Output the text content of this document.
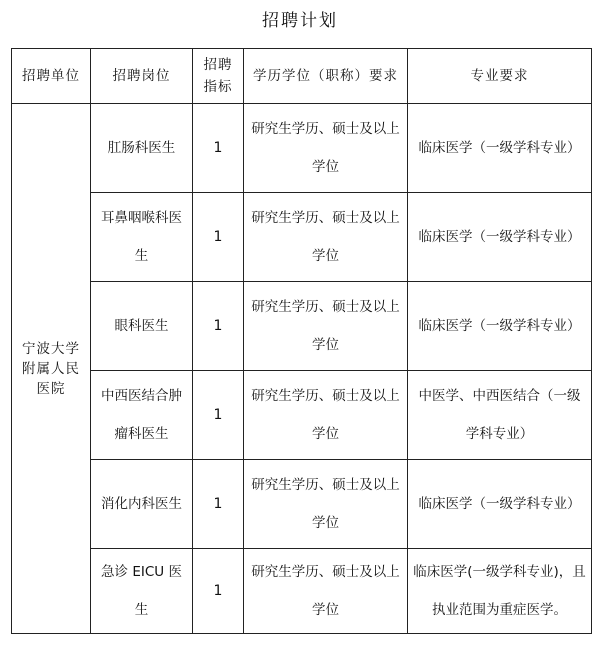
招聘计划
招聘单位	招聘岗位	招聘指标	学历学位（职称）要求	专业要求
宁波大学附属人民医院	肛肠科医生	1	研究生学历、硕士及以上学位	临床医学（一级学科专业）
	耳鼻咽喉科医生	1	研究生学历、硕士及以上学位	临床医学（一级学科专业）
	眼科医生	1	研究生学历、硕士及以上学位	临床医学（一级学科专业）
	中西医结合肿瘤科医生	1	研究生学历、硕士及以上学位	中医学、中西医结合（一级学科专业）
	消化内科医生	1	研究生学历、硕士及以上学位	临床医学（一级学科专业）
	急诊 EICU 医生	1	研究生学历、硕士及以上学位	临床医学(一级学科专业)，且执业范围为重症医学。
